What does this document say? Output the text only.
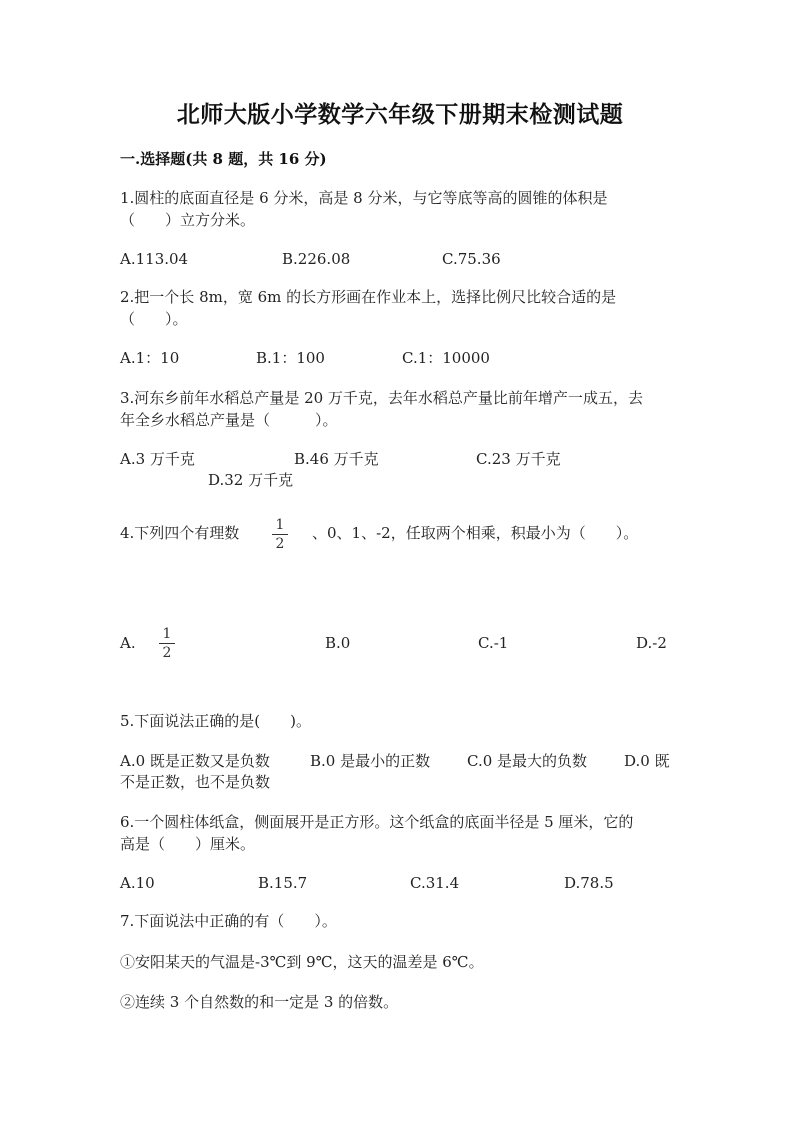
北师大版小学数学六年级下册期末检测试题
一.选择题(共 8 题，共 16 分)
1.圆柱的底面直径是 6 分米，高是 8 分米，与它等底等高的圆锥的体积是
（　　）立方分米。
A.113.04	B.226.08	C.75.36
2.把一个长 8m，宽 6m 的长方形画在作业本上，选择比例尺比较合适的是
（　　）。
A.1：10	B.1：100	C.1：10000
3.河东乡前年水稻总产量是 20 万千克，去年水稻总产量比前年增产一成五，去
年全乡水稻总产量是（　　　）。
A.3 万千克	B.46 万千克	C.23 万千克
D.32 万千克
4.下列四个有理数	1
2
、0、1、-2，任取两个相乘，积最小为（　　）。
A. 1
2
B.0	C.-1	D.-2
5.下面说法正确的是(　　)。
A.0 既是正数又是负数	B.0 是最小的正数 C.0 是最大的负数 D.0 既
不是正数，也不是负数
6.一个圆柱体纸盒，侧面展开是正方形。这个纸盒的底面半径是 5 厘米，它的
高是（　　）厘米。
A.10	B.15.7	C.31.4	D.78.5
7.下面说法中正确的有（　　）。
①安阳某天的气温是-3℃到 9℃，这天的温差是 6℃。
②连续 3 个自然数的和一定是 3 的倍数。
